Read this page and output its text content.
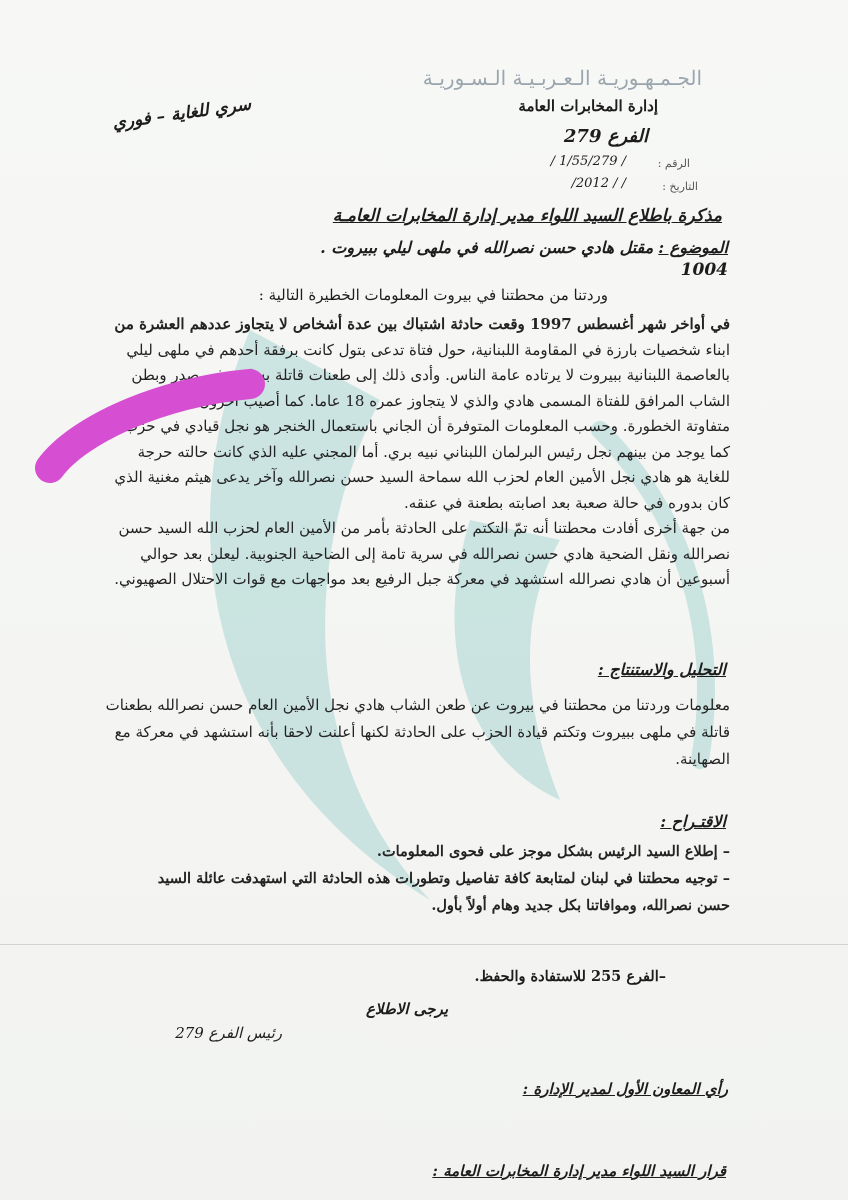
الجـمـهـوريـة الـعـربـيـة الـسـوريـة
إدارة المخابرات العامة
الفرع 279
الرقم :
/ 1/55/279 /
التاريخ :
/ / 2012/
سري للغاية – فوري
مذكرة باطلاع السيد اللواء مدير إدارة المخابرات العامـة
الموضوع : مقتل هادي حسن نصرالله في ملهى ليلي ببيروت .
1004
وردتنا من محطتنا في بيروت المعلومات الخطيرة التالية :
في أواخر شهر أغسطس 1997 وقعت حادثة اشتباك بين عدة أشخاص لا يتجاوز عددهم العشرة من
ابناء شخصيات بارزة في المقاومة اللبنانية، حول فتاة تدعى بتول كانت برفقة أحدهم في ملهى ليلي
بالعاصمة اللبنانية ببيروت لا يرتاده عامة الناس. وأدى ذلك إلى طعنات قاتلة بسكين في صدر وبطن
الشاب المرافق للفتاة المسمى هادي والذي لا يتجاوز عمره 18 عاما. كما أصيب آخرون اصابات
متفاوتة الخطورة. وحسب المعلومات المتوفرة أن الجاني باستعمال الخنجر هو نجل قيادي في حزب الله،
كما يوجد من بينهم نجل رئيس البرلمان اللبناني نبيه بري. أما المجني عليه الذي كانت حالته حرجة
للغاية هو هادي نجل الأمين العام لحزب الله سماحة السيد حسن نصرالله وآخر يدعى هيثم مغنية الذي
كان بدوره في حالة صعبة بعد اصابته بطعنة في عنقه.
من جهة أخرى أفادت محطتنا أنه تمّ التكتم على الحادثة بأمر من الأمين العام لحزب الله السيد حسن
نصرالله ونقل الضحية هادي حسن نصرالله في سرية تامة إلى الضاحية الجنوبية. ليعلن بعد حوالي
أسبوعين أن هادي نصرالله استشهد في معركة جبل الرفيع بعد مواجهات مع قوات الاحتلال الصهيوني.
التحليل والاستنتاج :
معلومات وردتنا من محطتنا في بيروت عن طعن الشاب هادي نجل الأمين العام حسن نصرالله بطعنات
قاتلة في ملهى ببيروت وتكتم قيادة الحزب على الحادثة لكنها أعلنت لاحقا بأنه استشهد في معركة مع
الصهاينة.
الاقتـراح :
– إطلاع السيد الرئيس بشكل موجز على فحوى المعلومات.
– توجيه محطتنا في لبنان لمتابعة كافة تفاصيل وتطورات هذه الحادثة التي استهدفت عائلة السيد
حسن نصرالله، وموافاتنا بكل جديد وهام أولاً بأول.
–الفرع 255 للاستفادة والحفظ.
يرجى الاطلاع
رئيس الفرع 279
رأي المعاون الأول لمدير الإدارة :
قرار السيد اللواء مدير إدارة المخابرات العامة :
